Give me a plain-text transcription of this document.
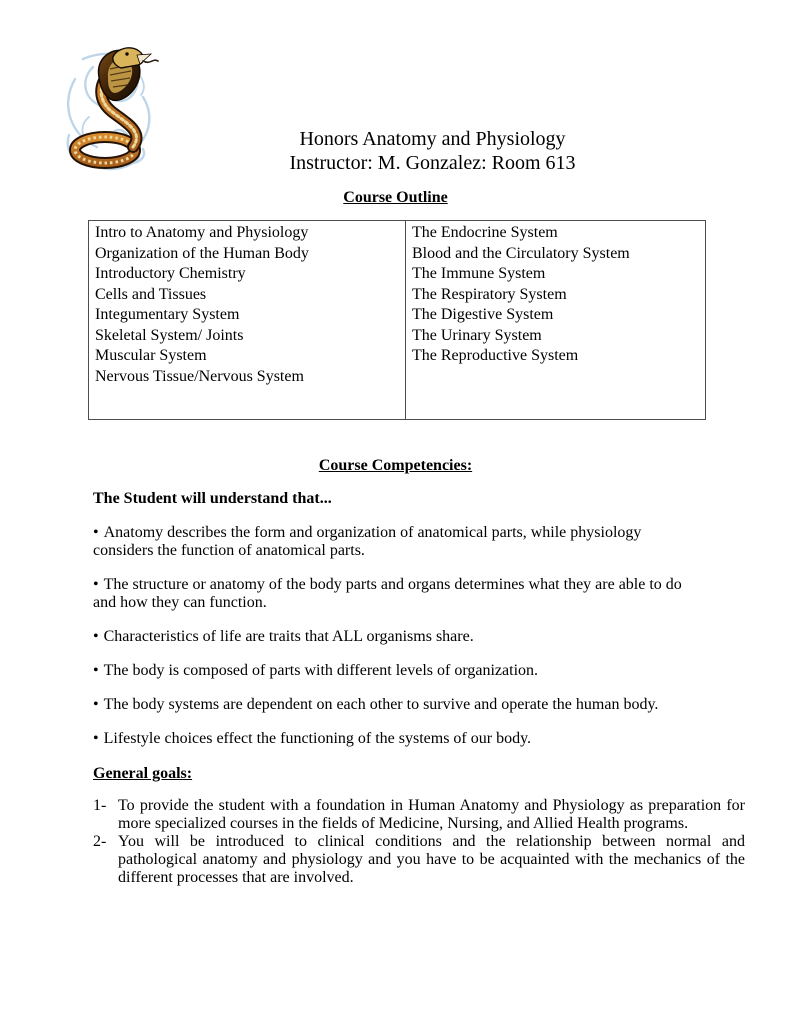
Honors Anatomy and Physiology
Instructor: M. Gonzalez: Room 613
Course Outline
Intro to Anatomy and Physiology
Organization of the Human Body
Introductory Chemistry
Cells and Tissues
Integumentary System
Skeletal System/ Joints
Muscular System
Nervous Tissue/Nervous System

The Endocrine System
Blood and the Circulatory System
The Immune System
The Respiratory System
The Digestive System
The Urinary System
The Reproductive System
Course Competencies:

The Student will understand that...

• Anatomy describes the form and organization of anatomical parts, while physiology considers the function of anatomical parts.

• The structure or anatomy of the body parts and organs determines what they are able to do and how they can function.

• Characteristics of life are traits that ALL organisms share.

• The body is composed of parts with different levels of organization.

• The body systems are dependent on each other to survive and operate the human body.

• Lifestyle choices effect the functioning of the systems of our body.

General goals:

1- To provide the student with a foundation in Human Anatomy and Physiology as preparation for more specialized courses in the fields of Medicine, Nursing, and Allied Health programs.
2- You will be introduced to clinical conditions and the relationship between normal and pathological anatomy and physiology and you have to be acquainted with the mechanics of the different processes that are involved.
